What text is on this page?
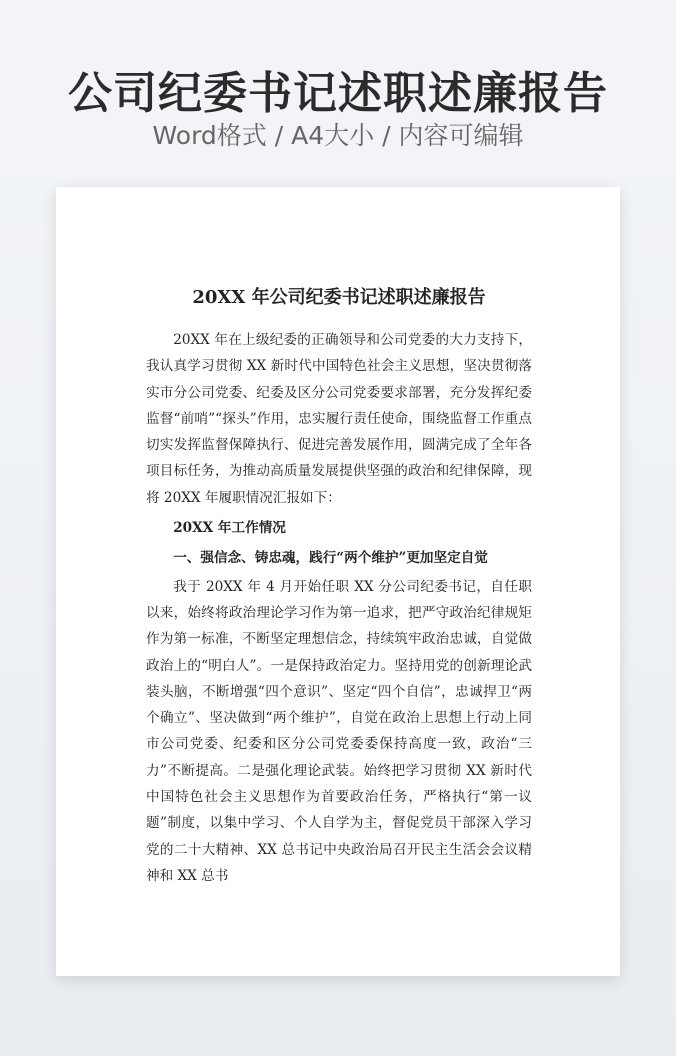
公司纪委书记述职述廉报告
Word格式 / A4大小 / 内容可编辑
20XX 年公司纪委书记述职述廉报告

20XX 年在上级纪委的正确领导和公司党委的大力支持下，我认真学习贯彻 XX 新时代中国特色社会主义思想，坚决贯彻落实市分公司党委、纪委及区分公司党委要求部署，充分发挥纪委监督“前哨”“探头”作用，忠实履行责任使命，围绕监督工作重点切实发挥监督保障执行、促进完善发展作用，圆满完成了全年各项目标任务，为推动高质量发展提供坚强的政治和纪律保障，现将 20XX 年履职情况汇报如下：

20XX 年工作情况

一、强信念、铸忠魂，践行“两个维护”更加坚定自觉

我于 20XX 年 4 月开始任职 XX 分公司纪委书记，自任职以来，始终将政治理论学习作为第一追求，把严守政治纪律规矩作为第一标准，不断坚定理想信念，持续筑牢政治忠诚，自觉做政治上的“明白人”。一是保持政治定力。坚持用党的创新理论武装头脑，不断增强“四个意识”、坚定“四个自信”，忠诚捍卫“两个确立”、坚决做到“两个维护”，自觉在政治上思想上行动上同市公司党委、纪委和区分公司党委委保持高度一致，政治“三力”不断提高。二是强化理论武装。始终把学习贯彻 XX 新时代中国特色社会主义思想作为首要政治任务，严格执行“第一议题”制度，以集中学习、个人自学为主，督促党员干部深入学习党的二十大精神、XX 总书记中央政治局召开民主生活会会议精神和 XX 总书
